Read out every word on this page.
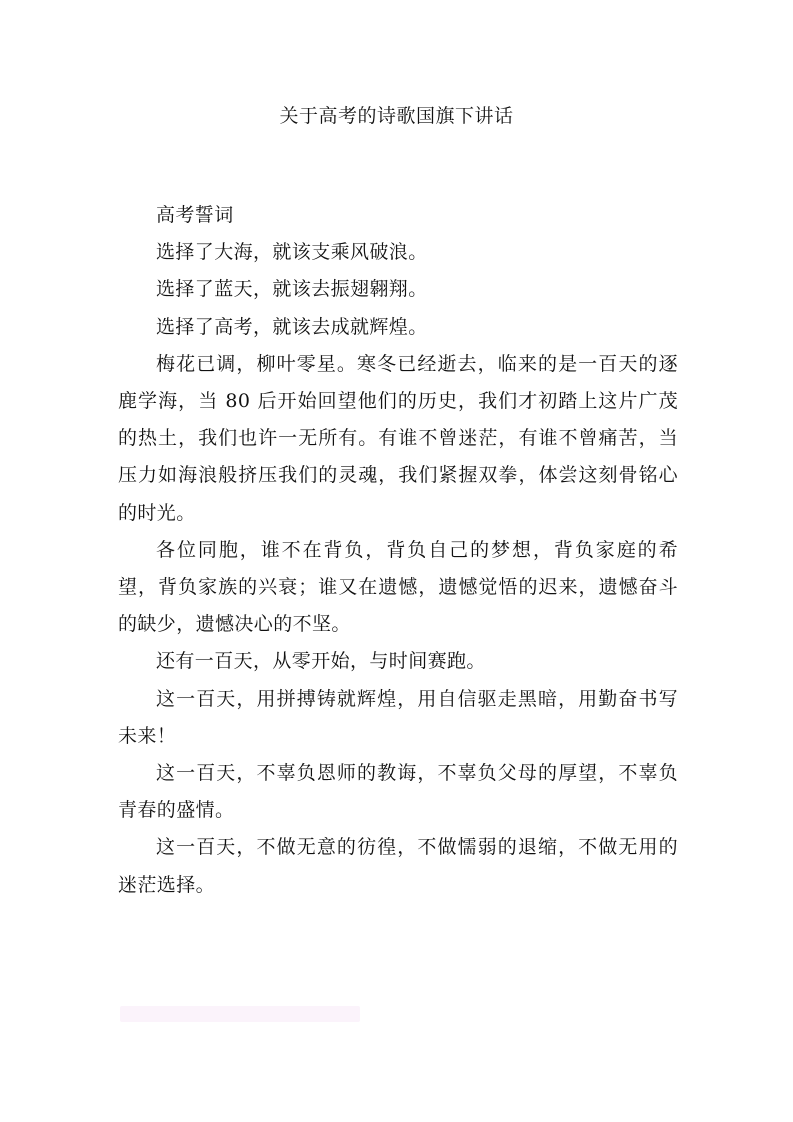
关于高考的诗歌国旗下讲话

高考誓词

选择了大海，就该支乘风破浪。

选择了蓝天，就该去振翅翱翔。

选择了高考，就该去成就辉煌。

梅花已调，柳叶零星。寒冬已经逝去，临来的是一百天的逐鹿学海，当 80 后开始回望他们的历史，我们才初踏上这片广茂的热土，我们也许一无所有。有谁不曾迷茫，有谁不曾痛苦，当压力如海浪般挤压我们的灵魂，我们紧握双拳，体尝这刻骨铭心的时光。

各位同胞，谁不在背负，背负自己的梦想，背负家庭的希望，背负家族的兴衰；谁又在遗憾，遗憾觉悟的迟来，遗憾奋斗的缺少，遗憾决心的不坚。

还有一百天，从零开始，与时间赛跑。

这一百天，用拼搏铸就辉煌，用自信驱走黑暗，用勤奋书写未来！

这一百天，不辜负恩师的教诲，不辜负父母的厚望，不辜负青春的盛情。

这一百天，不做无意的彷徨，不做懦弱的退缩，不做无用的迷茫选择。
